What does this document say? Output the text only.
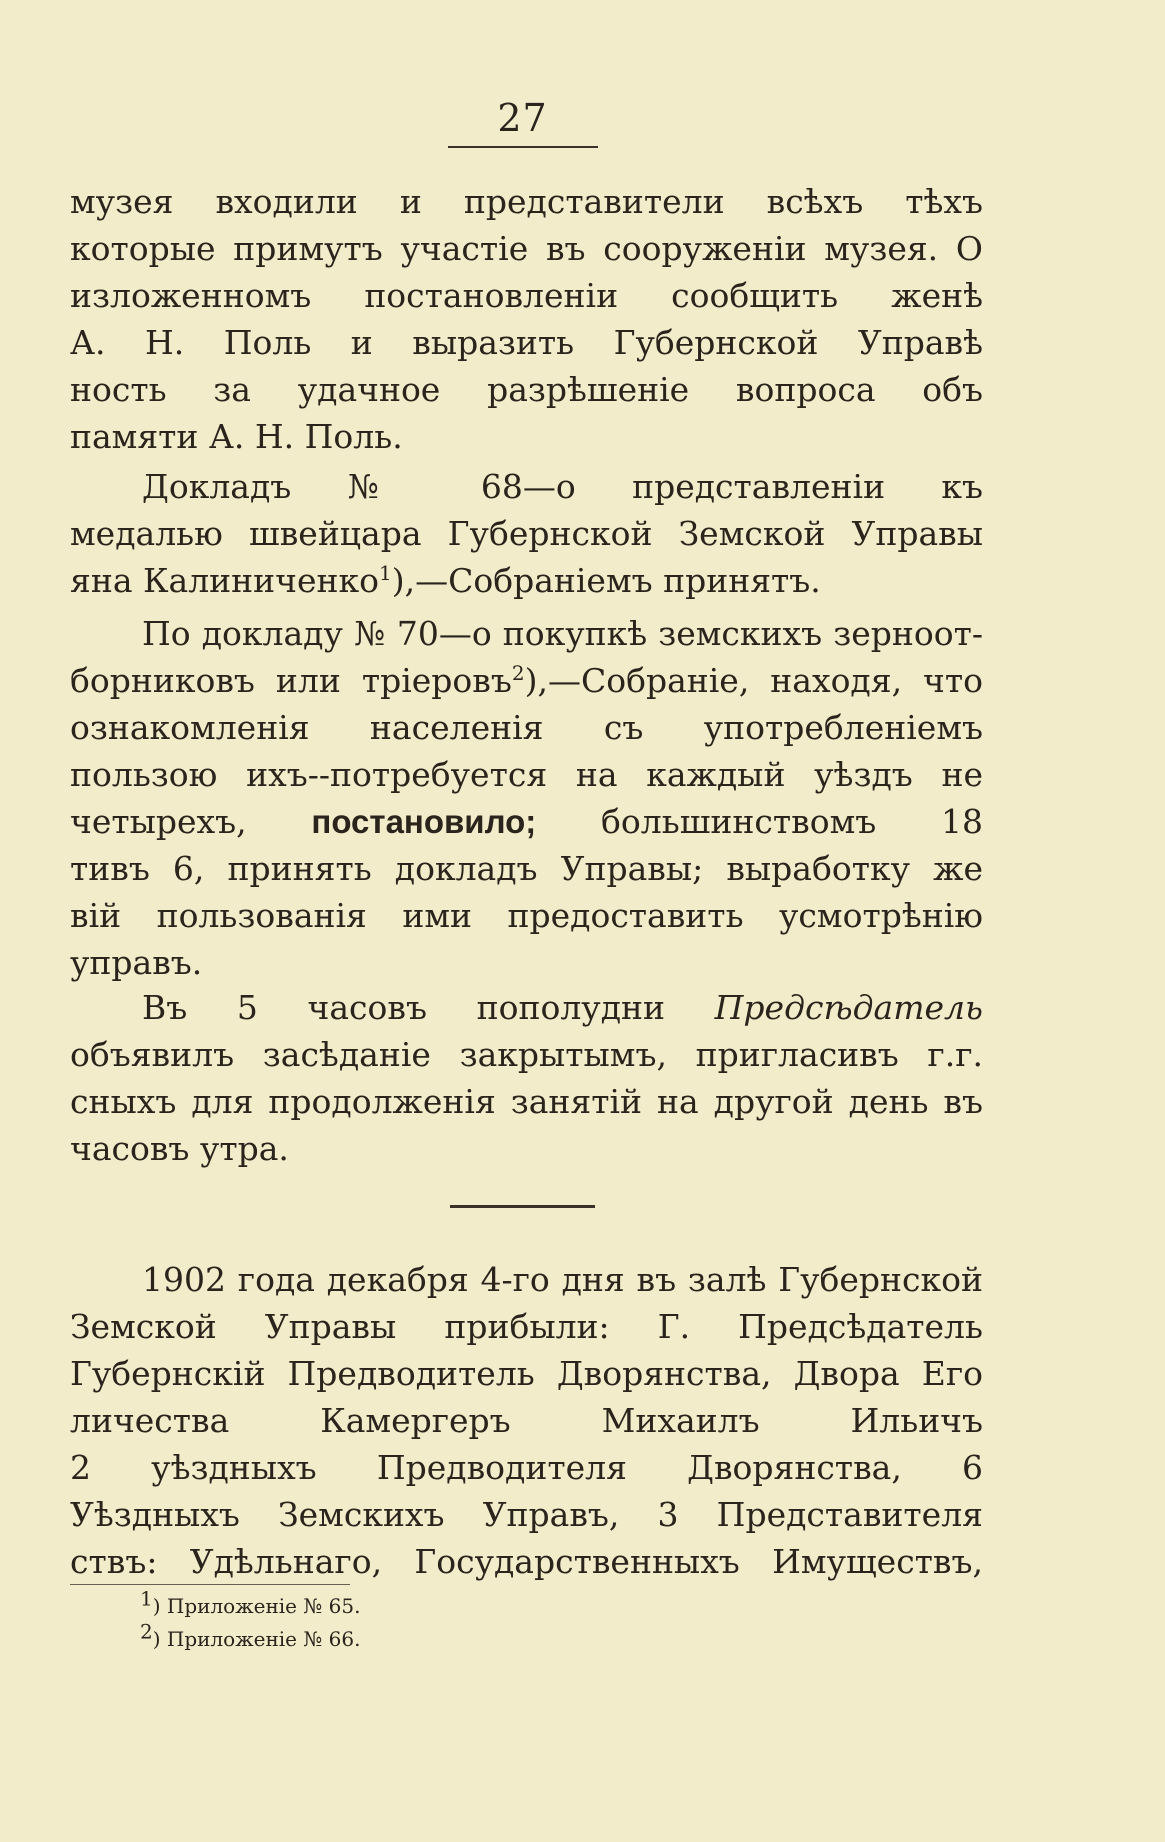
27
музея входили и представители всѣхъ тѣхъ
которые примутъ участіе въ сооруженіи музея. О
изложенномъ постановленіи сообщить женѣ
А. Н. Поль и выразить Губернской Управѣ
ность за удачное разрѣшеніе вопроса объ
памяти А. Н. Поль.
Докладъ № 68—о представленіи къ
медалью швейцара Губернской Земской Управы
яна Калиниченко$^1$),—Собраніемъ принятъ.
По докладу № 70—о покупкѣ земскихъ зерноот-
борниковъ или тріеровъ$^2$),—Собраніе, находя, что
ознакомленія населенія съ употребленіемъ
пользою ихъ--потребуется на каждый уѣздъ не
четырехъ, постановило; большинствомъ 18
тивъ 6, принять докладъ Управы; выработку же
вій пользованія ими предоставить усмотрѣнію
управъ.
Въ 5 часовъ пополудни Предсѣдатель
объявилъ засѣданіе закрытымъ, пригласивъ г.г.
сныхъ для продолженія занятій на другой день въ
часовъ утра.
1902 года декабря 4-го дня въ залѣ Губернской
Земской Управы прибыли: Г. Предсѣдатель
Губернскій Предводитель Дворянства, Двора Его
личества Камергеръ Михаилъ Ильичъ
2 уѣздныхъ Предводителя Дворянства, 6
Уѣздныхъ Земскихъ Управъ, 3 Представителя
ствъ: Удѣльнаго, Государственныхъ Имуществъ,
$^1$) Приложеніе № 65.
$^2$) Приложеніе № 66.
